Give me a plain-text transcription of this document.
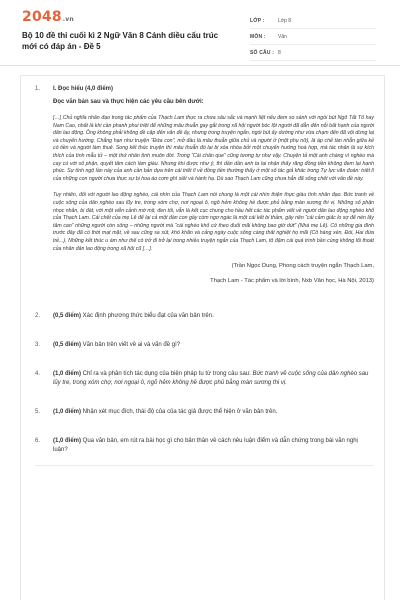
2048.vn
Bộ 10 đề thi cuối kì 2 Ngữ Văn 8 Cánh diều cấu trúc mới có đáp án - Đề 5
LỚP :	Lớp 8
MÔN :	Văn
SỐ CÂU : 8
1.	I. Đọc hiểu (4,0 điểm)
Đọc văn bản sau và thực hiện các yêu cầu bên dưới:

[…] Chủ nghĩa nhân đạo trong tác phẩm của Thạch Lam thực ra chưa sâu sắc và mạnh liệt nếu đem so sánh với ngòi bút Ngô Tất Tố hay Nam Cao, nhất là khi cần phanh phui triệt để những mâu thuẫn gay gắt trong xã hội người bóc lột người đã dẫn đến nỗi bất hạnh của người dân lao động. Ông không phải không đề cập đến vấn đề ấy, nhưng trong truyện ngắn, ngòi bút ấy dường như vừa chạm đến đã vội dừng lại và chuyển hướng. Chẳng hạn như truyện “Đứa con”, mở đầu là mâu thuẫn giữa chủ và người ở (một phụ nữ), là áp chế tàn nhẫn giữa kẻ có tiền và người làm thuê. Song kết thúc truyện thì mâu thuẫn đó lại bị xóa nhòa bởi một chuyển hướng hoà hợp, mà tác nhân là sự kích thích của tình mẫu tử – một thứ nhân tình muôn đời. Trong “Cái chân que” cũng tương tự như vậy. Chuyện tả một anh chàng vì nghèo mà cay cú với số phận, quyết tâm cách làm giàu. Nhưng khi được như ý, thì dần dần anh ta lại nhận thấy răng đồng tiền không đem lại hạnh phúc. Sự tính ngộ lần này của anh cần bản dựa trên cái triết lí về đồng tiền thường thấy ở một số tác giả khác trong Tự lực văn đoàn: triết lí của những con người chưa thực sự bị hoa áo cơm ghì siết và hành hạ. Dù sao Thạch Lam cũng chưa hẳn đã sống chết với vấn đề này.

Tuy nhiên, đối với người lao động nghèo, cái nhìn của Thạch Lam nói chung là một cái nhìn thiện thực giàu tình nhân đạo. Bức tranh về cuộc sống của dân nghèo sau lũy tre, trong xóm chợ, nơi ngoại ô, ngõ hẻm không hề được phủ bằng màn sương thi vị. Những số phận nhọc nhằn, bi đát, với một viễn cảnh mờ mịt, đen tối, vẫn là kết cục chung cho hầu hết các tác phẩm viết về người dân lao động nghèo khổ của Thạch Lam. Cái chết của mẹ Lê để lại cả một đàn con gầy còm ngơ ngác là một cái kết bi thảm, gây nên “cái cảm giác lo sợ để nén lấy tâm can” những người còn sống – những người mà “cái nghèo khổ cứ theo đuổi mãi không bao giờ dứt” (Nhà mẹ Lê). Cô những gia đình trước đây đã có thời mạt mặt, về sau cũng sa sút, khó khăn và cảng ngày cuộc sống càng thất nghiệt họ mãi (Cô hàng xén, Đói, Hai đứa trẻ...). Những kết thúc u ám như thế có trở đi trở lại trong nhiều truyện ngắn của Thạch Lam, tô đậm cái quá trình bần cùng không lối thoát của nhân dân lao động trong xã hội cũ […].

(Trần Ngọc Dung, Phong cách truyện ngắn Thạch Lam,
Thạch Lam - Tác phẩm và lời bình, Nxb Văn học, Hà Nội, 2013)
2.	(0,5 điểm) Xác định phương thức biểu đạt của văn bản trên.
3.	(0,5 điểm) Văn bản trên viết về ai và vấn đề gì?
4.	(1,0 điểm) Chỉ ra và phân tích tác dụng của biện pháp tu từ trong câu sau: Bức tranh về cuộc sống của dân nghèo sau lũy tre, trong xóm chợ, nơi ngoại ô, ngõ hẻm không hề được phủ bằng màn sương thi vị.
5.	(1,0 điểm) Nhận xét mục đích, thái độ của của tác giả được thể hiện ở văn bản trên.
6.	(1,0 điểm) Qua văn bản, em rút ra bài học gì cho bản thân về cách nêu luận điểm và dẫn chứng trong bài văn nghị luận?
